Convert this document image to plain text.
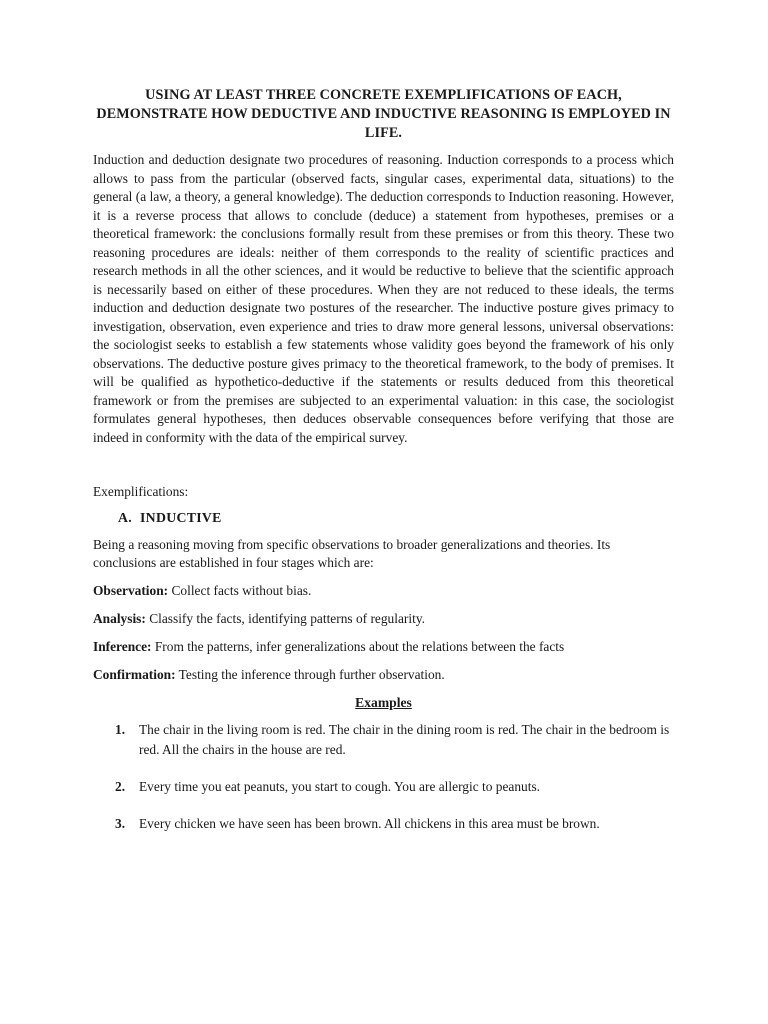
USING AT LEAST THREE CONCRETE EXEMPLIFICATIONS OF EACH, DEMONSTRATE HOW DEDUCTIVE AND INDUCTIVE REASONING IS EMPLOYED IN LIFE.

Induction and deduction designate two procedures of reasoning. Induction corresponds to a process which allows to pass from the particular (observed facts, singular cases, experimental data, situations) to the general (a law, a theory, a general knowledge). The deduction corresponds to Induction reasoning. However, it is a reverse process that allows to conclude (deduce) a statement from hypotheses, premises or a theoretical framework: the conclusions formally result from these premises or from this theory. These two reasoning procedures are ideals: neither of them corresponds to the reality of scientific practices and research methods in all the other sciences, and it would be reductive to believe that the scientific approach is necessarily based on either of these procedures. When they are not reduced to these ideals, the terms induction and deduction designate two postures of the researcher. The inductive posture gives primacy to investigation, observation, even experience and tries to draw more general lessons, universal observations: the sociologist seeks to establish a few statements whose validity goes beyond the framework of his only observations. The deductive posture gives primacy to the theoretical framework, to the body of premises. It will be qualified as hypothetico-deductive if the statements or results deduced from this theoretical framework or from the premises are subjected to an experimental valuation: in this case, the sociologist formulates general hypotheses, then deduces observable consequences before verifying that those are indeed in conformity with the data of the empirical survey.

Exemplifications:

A. INDUCTIVE

Being a reasoning moving from specific observations to broader generalizations and theories. Its conclusions are established in four stages which are:

Observation: Collect facts without bias.

Analysis: Classify the facts, identifying patterns of regularity.

Inference: From the patterns, infer generalizations about the relations between the facts

Confirmation: Testing the inference through further observation.

Examples

1. The chair in the living room is red. The chair in the dining room is red. The chair in the bedroom is red. All the chairs in the house are red.
2. Every time you eat peanuts, you start to cough. You are allergic to peanuts.
3. Every chicken we have seen has been brown. All chickens in this area must be brown.
